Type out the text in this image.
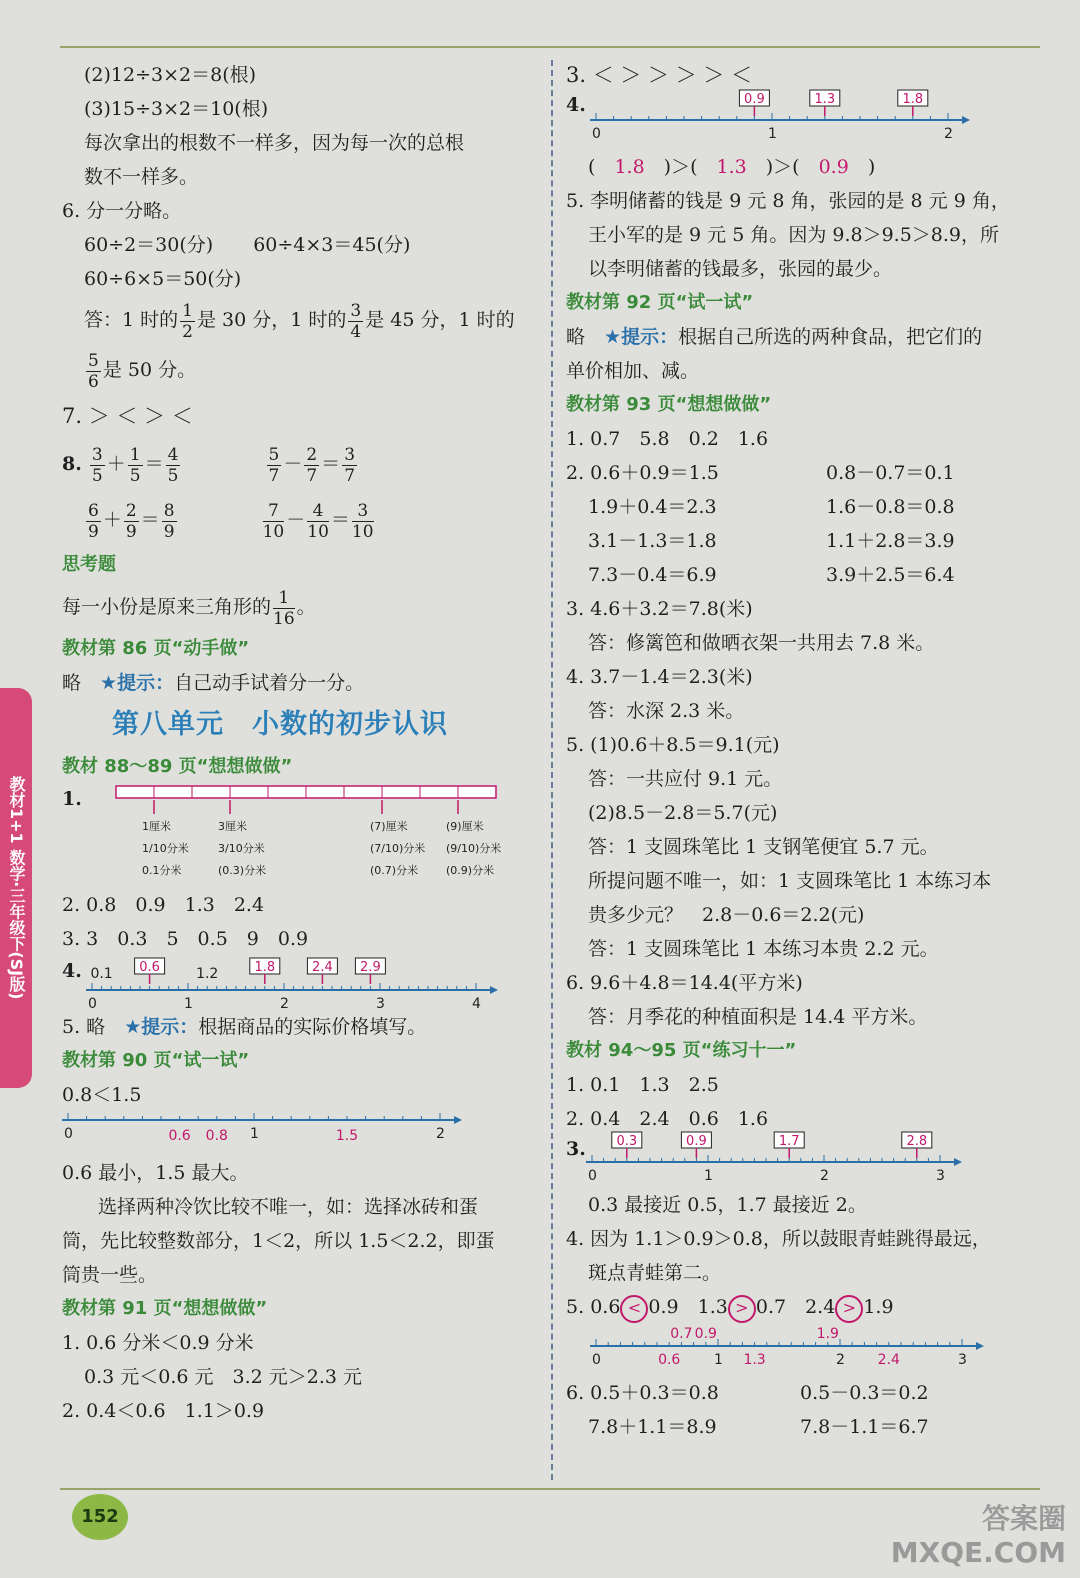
(2)12÷3×2＝8(根)
(3)15÷3×2＝10(根)
每次拿出的根数不一样多，因为每一次的总根
数不一样多。
6. 分一分略。
60÷2＝30(分) 60÷4×3＝45(分)
60÷6×5＝50(分)
答：1 时的 $\frac{1}{2}$ 是 30 分，1 时的 $\frac{3}{4}$ 是 45 分，1 时的
$\frac{5}{6}$ 是 50 分。
7. ＞ ＜ ＞ ＜
8. $\frac{3}{5} + \frac{1}{5} = \frac{4}{5}$
	$\frac{5}{7} - \frac{2}{7} = \frac{3}{7}$
$\frac{6}{9} + \frac{2}{9} = \frac{8}{9}$
	$\frac{7}{10} - \frac{4}{10} = \frac{3}{10}$
思考题
每一小份是原来三角形的 $\frac{1}{16}$ 。
教材第 86 页“动手做”
略　 ★提示：自己动手试着分一分。
第八单元　小数的初步认识
教材 88～89 页“想想做做”
1.
1厘米
1/10分米
0.1分米
3厘米
3/10分米
(0.3)分米
(7)厘米
(7/10)分米
(0.7)分米
(9)厘米
(9/10)分米
(0.9)分米
2. 0.8　0.9　1.3　2.4
3. 3　0.3　5　0.5　9　0.9
4.
0	1	2	3	4
0.1	1.2
0.6	1.8	2.4 2.9
5. 略　 ★提示：根据商品的实际价格填写。
教材第 90 页“试一试”
0.8＜1.5
0	1	2
0.6 0.8	1.5
0.6 最小，1.5 最大。
选择两种冷饮比较不唯一，如：选择冰砖和蛋
筒，先比较整数部分，1＜2，所以 1.5＜2.2，即蛋
筒贵一些。
教材第 91 页“想想做做”
1. 0.6 分米＜0.9 分米
0.3 元＜0.6 元　3.2 元＞2.3 元
2. 0.4＜0.6　1.1＞0.9
3. ＜ ＞ ＞ ＞ ＞ ＜
4.
0	1	2
0.9	1.3	1.8
(　 1.8　 )＞(　 1.3　 )＞(　 0.9　 )
5. 李明储蓄的钱是 9 元 8 角，张园的是 8 元 9 角，
王小军的是 9 元 5 角。因为 9.8＞9.5＞8.9，所
以李明储蓄的钱最多，张园的最少。
教材第 92 页“试一试”
略　 ★提示：根据自己所选的两种食品，把它们的
单价相加、减。
教材第 93 页“想想做做”
1. 0.7　5.8　0.2　1.6
2. 0.6＋0.9＝1.5	0.8－0.7＝0.1
1.9＋0.4＝2.3	1.6－0.8＝0.8
3.1－1.3＝1.8	1.1＋2.8＝3.9
7.3－0.4＝6.9	3.9＋2.5＝6.4
3. 4.6＋3.2＝7.8(米)
答：修篱笆和做晒衣架一共用去 7.8 米。
4. 3.7－1.4＝2.3(米)
答：水深 2.3 米。
5. (1)0.6＋8.5＝9.1(元)
答：一共应付 9.1 元。
(2)8.5－2.8＝5.7(元)
答：1 支圆珠笔比 1 支钢笔便宜 5.7 元。
所提问题不唯一，如：1 支圆珠笔比 1 本练习本
贵多少元？　2.8－0.6＝2.2(元)
答：1 支圆珠笔比 1 本练习本贵 2.2 元。
6. 9.6＋4.8＝14.4(平方米)
答：月季花的种植面积是 14.4 平方米。
教材 94～95 页“练习十一”
1. 0.1　1.3　2.5
2. 0.4　2.4　0.6　1.6
3.
0	1	2	3
0.3	0.9	1.7	2.8
0.3 最接近 0.5，1.7 最接近 2。
4. 因为 1.1＞0.9＞0.8，所以鼓眼青蛙跳得最远，
斑点青蛙第二。
5. 0.6 < 0.9　 1.3 > 0.7　 2.4 > 1.9
0	1	2	3
0.7 0.9	1.9
0.6	1.3	2.4
6. 0.5＋0.3＝0.8	0.5－0.3＝0.2
7.8＋1.1＝8.9	7.8－1.1＝6.7
教材1+1 数学·三年级下(SJ版)
152	答案圈
MXQE.COM
